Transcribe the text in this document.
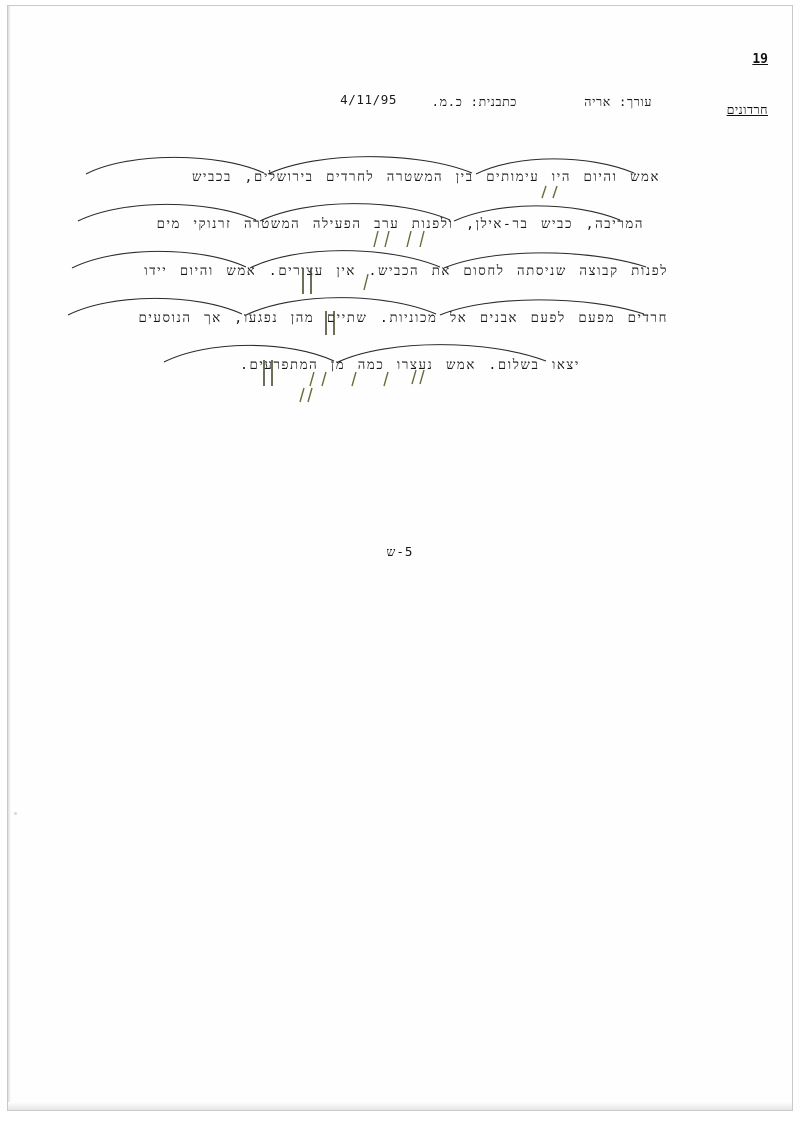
עורך: אריה
כתבנית: כ.מ.
4/11/95
19
חרדונים
אמש והיום היו עימותים בין המשטרה לחרדים בירושלים, בכביש
המריבה, כביש בר-אילן, ולפנות ערב הפעילה המשטרה זרנוקי מים
לפנות קבוצה שניסתה לחסום את הכביש. אין עצורים. אמש והיום יידו
חרדים מפעם לפעם אבנים אל מכוניות. שתיים מהן נפגעו, אך הנוסעים
יצאו בשלום. אמש נעצרו כמה מן המתפרעים.
5-ש
